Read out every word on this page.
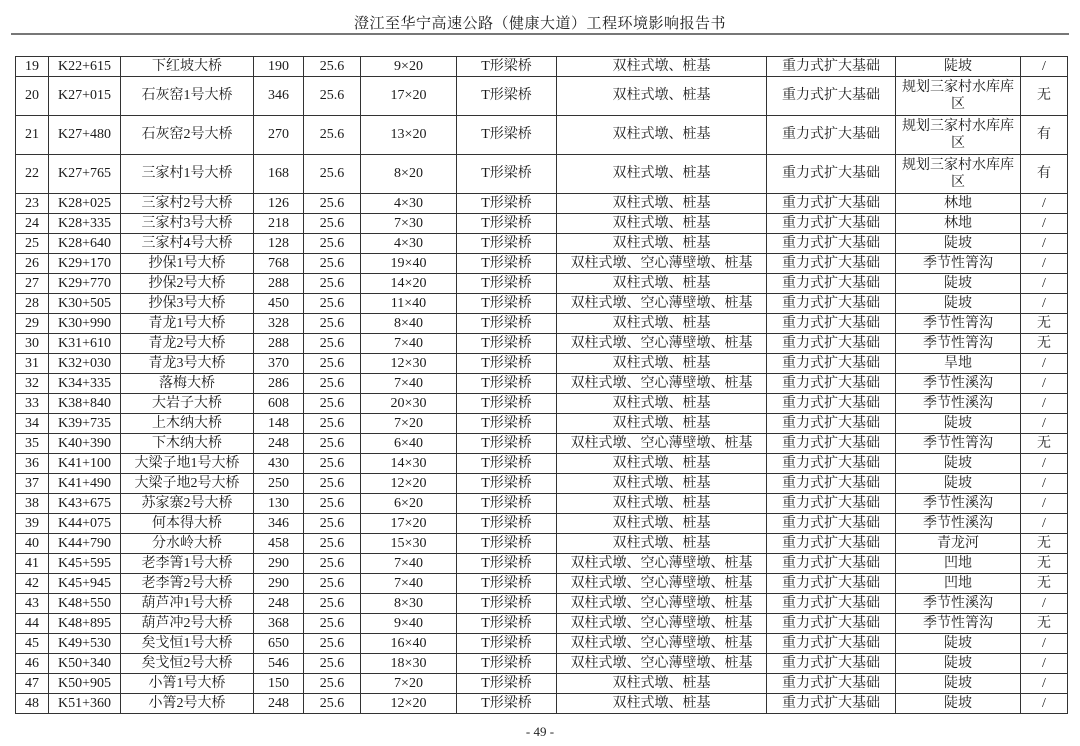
澄江至华宁高速公路（健康大道）工程环境影响报告书
19	K22+615	下红坡大桥	190	25.6	9×20	T形梁桥	双柱式墩、桩基	重力式扩大基础	陡坡	/
20	K27+015	石灰窑1号大桥	346	25.6	17×20	T形梁桥	双柱式墩、桩基	重力式扩大基础	规划三家村水库库区	无
21	K27+480	石灰窑2号大桥	270	25.6	13×20	T形梁桥	双柱式墩、桩基	重力式扩大基础	规划三家村水库库区	有
22	K27+765	三家村1号大桥	168	25.6	8×20	T形梁桥	双柱式墩、桩基	重力式扩大基础	规划三家村水库库区	有
23	K28+025	三家村2号大桥	126	25.6	4×30	T形梁桥	双柱式墩、桩基	重力式扩大基础	林地	/
24	K28+335	三家村3号大桥	218	25.6	7×30	T形梁桥	双柱式墩、桩基	重力式扩大基础	林地	/
25	K28+640	三家村4号大桥	128	25.6	4×30	T形梁桥	双柱式墩、桩基	重力式扩大基础	陡坡	/
26	K29+170	抄保1号大桥	768	25.6	19×40	T形梁桥	双柱式墩、空心薄壁墩、桩基	重力式扩大基础	季节性箐沟	/
27	K29+770	抄保2号大桥	288	25.6	14×20	T形梁桥	双柱式墩、桩基	重力式扩大基础	陡坡	/
28	K30+505	抄保3号大桥	450	25.6	11×40	T形梁桥	双柱式墩、空心薄壁墩、桩基	重力式扩大基础	陡坡	/
29	K30+990	青龙1号大桥	328	25.6	8×40	T形梁桥	双柱式墩、桩基	重力式扩大基础	季节性箐沟	无
30	K31+610	青龙2号大桥	288	25.6	7×40	T形梁桥	双柱式墩、空心薄壁墩、桩基	重力式扩大基础	季节性箐沟	无
31	K32+030	青龙3号大桥	370	25.6	12×30	T形梁桥	双柱式墩、桩基	重力式扩大基础	旱地	/
32	K34+335	落梅大桥	286	25.6	7×40	T形梁桥	双柱式墩、空心薄壁墩、桩基	重力式扩大基础	季节性溪沟	/
33	K38+840	大岩子大桥	608	25.6	20×30	T形梁桥	双柱式墩、桩基	重力式扩大基础	季节性溪沟	/
34	K39+735	上木纳大桥	148	25.6	7×20	T形梁桥	双柱式墩、桩基	重力式扩大基础	陡坡	/
35	K40+390	下木纳大桥	248	25.6	6×40	T形梁桥	双柱式墩、空心薄壁墩、桩基	重力式扩大基础	季节性箐沟	无
36	K41+100	大梁子地1号大桥	430	25.6	14×30	T形梁桥	双柱式墩、桩基	重力式扩大基础	陡坡	/
37	K41+490	大梁子地2号大桥	250	25.6	12×20	T形梁桥	双柱式墩、桩基	重力式扩大基础	陡坡	/
38	K43+675	苏家寨2号大桥	130	25.6	6×20	T形梁桥	双柱式墩、桩基	重力式扩大基础	季节性溪沟	/
39	K44+075	何本得大桥	346	25.6	17×20	T形梁桥	双柱式墩、桩基	重力式扩大基础	季节性溪沟	/
40	K44+790	分水岭大桥	458	25.6	15×30	T形梁桥	双柱式墩、桩基	重力式扩大基础	青龙河	无
41	K45+595	老李箐1号大桥	290	25.6	7×40	T形梁桥	双柱式墩、空心薄壁墩、桩基	重力式扩大基础	凹地	无
42	K45+945	老李箐2号大桥	290	25.6	7×40	T形梁桥	双柱式墩、空心薄壁墩、桩基	重力式扩大基础	凹地	无
43	K48+550	葫芦冲1号大桥	248	25.6	8×30	T形梁桥	双柱式墩、空心薄壁墩、桩基	重力式扩大基础	季节性溪沟	/
44	K48+895	葫芦冲2号大桥	368	25.6	9×40	T形梁桥	双柱式墩、空心薄壁墩、桩基	重力式扩大基础	季节性箐沟	无
45	K49+530	矣戈恒1号大桥	650	25.6	16×40	T形梁桥	双柱式墩、空心薄壁墩、桩基	重力式扩大基础	陡坡	/
46	K50+340	矣戈恒2号大桥	546	25.6	18×30	T形梁桥	双柱式墩、空心薄壁墩、桩基	重力式扩大基础	陡坡	/
47	K50+905	小箐1号大桥	150	25.6	7×20	T形梁桥	双柱式墩、桩基	重力式扩大基础	陡坡	/
48	K51+360	小箐2号大桥	248	25.6	12×20	T形梁桥	双柱式墩、桩基	重力式扩大基础	陡坡	/
- 49 -
